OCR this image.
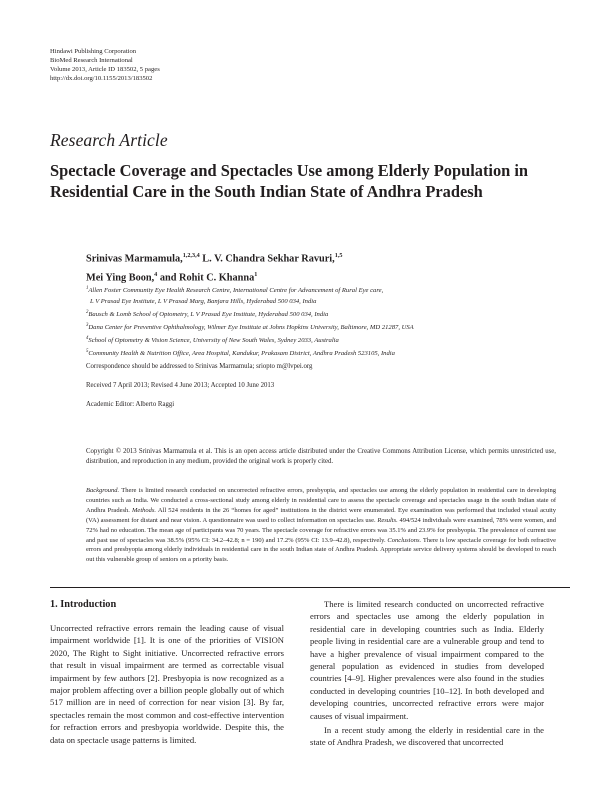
Hindawi Publishing Corporation
BioMed Research International
Volume 2013, Article ID 183502, 5 pages
http://dx.doi.org/10.1155/2013/183502
Research Article
Spectacle Coverage and Spectacles Use among Elderly Population in Residential Care in the South Indian State of Andhra Pradesh
Srinivas Marmamula,$^{1,2,3,4}$ L. V. Chandra Sekhar Ravuri,$^{1,5}$
Mei Ying Boon,$^4$ and Rohit C. Khanna$^1$

$^1$Allen Foster Community Eye Health Research Centre, International Centre for Advancement of Rural Eye care,

L V Prasad Eye Institute, L V Prasad Marg, Banjara Hills, Hyderabad 500 034, India

$^2$Bausch & Lomb School of Optometry, L V Prasad Eye Institute, Hyderabad 500 034, India

$^3$Dana Center for Preventive Ophthalmology, Wilmer Eye Institute at Johns Hopkins University, Baltimore, MD 21287, USA

$^4$School of Optometry & Vision Science, University of New South Wales, Sydney 2033, Australia

$^5$Community Health & Nutrition Office, Area Hospital, Kandukur, Prakasam District, Andhra Pradesh 523105, India

Correspondence should be addressed to Srinivas Marmamula; sriopto m@lvpei.org
Received 7 April 2013; Revised 4 June 2013; Accepted 10 June 2013
Academic Editor: Alberto Raggi
Copyright © 2013 Srinivas Marmamula et al. This is an open access article distributed under the Creative Commons Attribution License, which permits unrestricted use, distribution, and reproduction in any medium, provided the original work is properly cited.

Background. There is limited research conducted on uncorrected refractive errors, presbyopia, and spectacles use among the elderly population in residential care in developing countries such as India. We conducted a cross-sectional study among elderly in residential care to assess the spectacle coverage and spectacles usage in the south Indian state of Andhra Pradesh. Methods. All 524 residents in the 26 “homes for aged” institutions in the district were enumerated. Eye examination was performed that included visual acuity (VA) assessment for distant and near vision. A questionnaire was used to collect information on spectacles use. Results. 494/524 individuals were examined, 78% were women, and 72% had no education. The mean age of participants was 70 years. The spectacle coverage for refractive errors was 35.1% and 23.9% for presbyopia. The prevalence of current use and past use of spectacles was 38.5% (95% CI: 34.2–42.8; n = 190) and 17.2% (95% CI: 13.9–42.8), respectively. Conclusions. There is low spectacle coverage for both refractive errors and presbyopia among elderly individuals in residential care in the south Indian state of Andhra Pradesh. Appropriate service delivery systems should be developed to reach out this vulnerable group of seniors on a priority basis.

1. Introduction

Uncorrected refractive errors remain the leading cause of visual impairment worldwide [1]. It is one of the priorities of VISION 2020, The Right to Sight initiative. Uncorrected refractive errors that result in visual impairment are termed as correctable visual impairment by few authors [2]. Presbyopia is now recognized as a major problem affecting over a billion people globally out of which 517 million are in need of correction for near vision [3]. By far, spectacles remain the most common and cost-effective intervention for refraction errors and presbyopia worldwide. Despite this, the data on spectacle usage patterns is limited.

There is limited research conducted on uncorrected refractive errors and spectacles use among the elderly population in residential care in developing countries such as India. Elderly people living in residential care are a vulnerable group and tend to have a higher prevalence of visual impairment compared to the general population as evidenced in studies from developed countries [4–9]. Higher prevalences were also found in the studies conducted in developing countries [10–12]. In both developed and developing countries, uncorrected refractive errors were major causes of visual impairment.

In a recent study among the elderly in residential care in the state of Andhra Pradesh, we discovered that uncorrected
